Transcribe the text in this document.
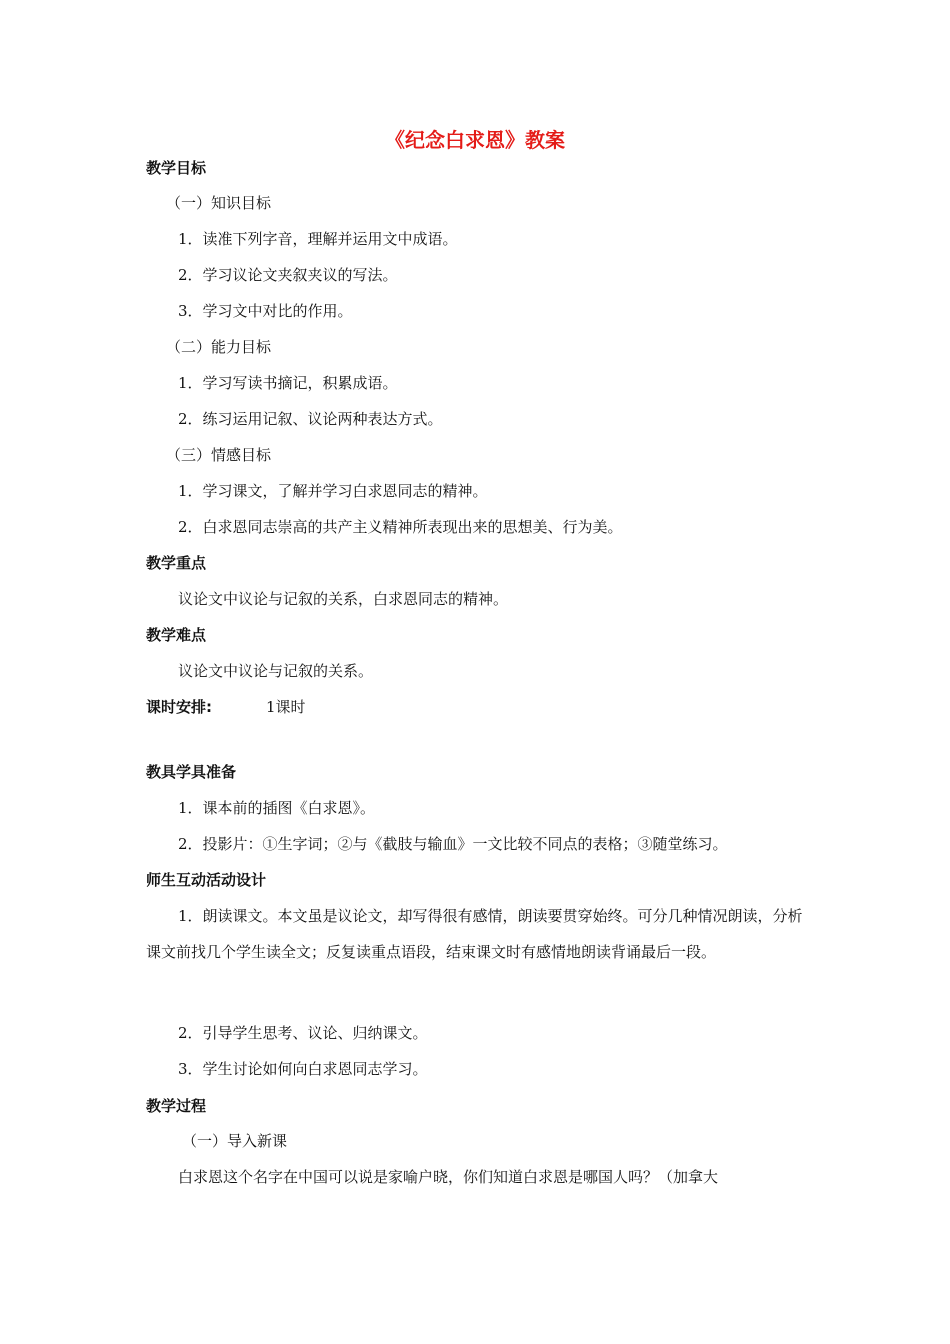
《纪念白求恩》教案
教学目标
（一）知识目标
1．读准下列字音，理解并运用文中成语。
2．学习议论文夹叙夹议的写法。
3．学习文中对比的作用。
（二）能力目标
1．学习写读书摘记，积累成语。
2．练习运用记叙、议论两种表达方式。
（三）情感目标
1．学习课文，了解并学习白求恩同志的精神。
2．白求恩同志崇高的共产主义精神所表现出来的思想美、行为美。
教学重点
议论文中议论与记叙的关系，白求恩同志的精神。
教学难点
议论文中议论与记叙的关系。
课时安排:	1课时
教具学具准备
1．课本前的插图《白求恩》。
2．投影片：①生字词；②与《截肢与输血》一文比较不同点的表格；③随堂练习。
师生互动活动设计
1．朗读课文。本文虽是议论文，却写得很有感情，朗读要贯穿始终。可分几种情况朗读，分析课文前找几个学生读全文；反复读重点语段，结束课文时有感情地朗读背诵最后一段。
2．引导学生思考、议论、归纳课文。
3．学生讨论如何向白求恩同志学习。
教学过程
（一）导入新课
白求恩这个名字在中国可以说是家喻户晓，你们知道白求恩是哪国人吗？（加拿大
